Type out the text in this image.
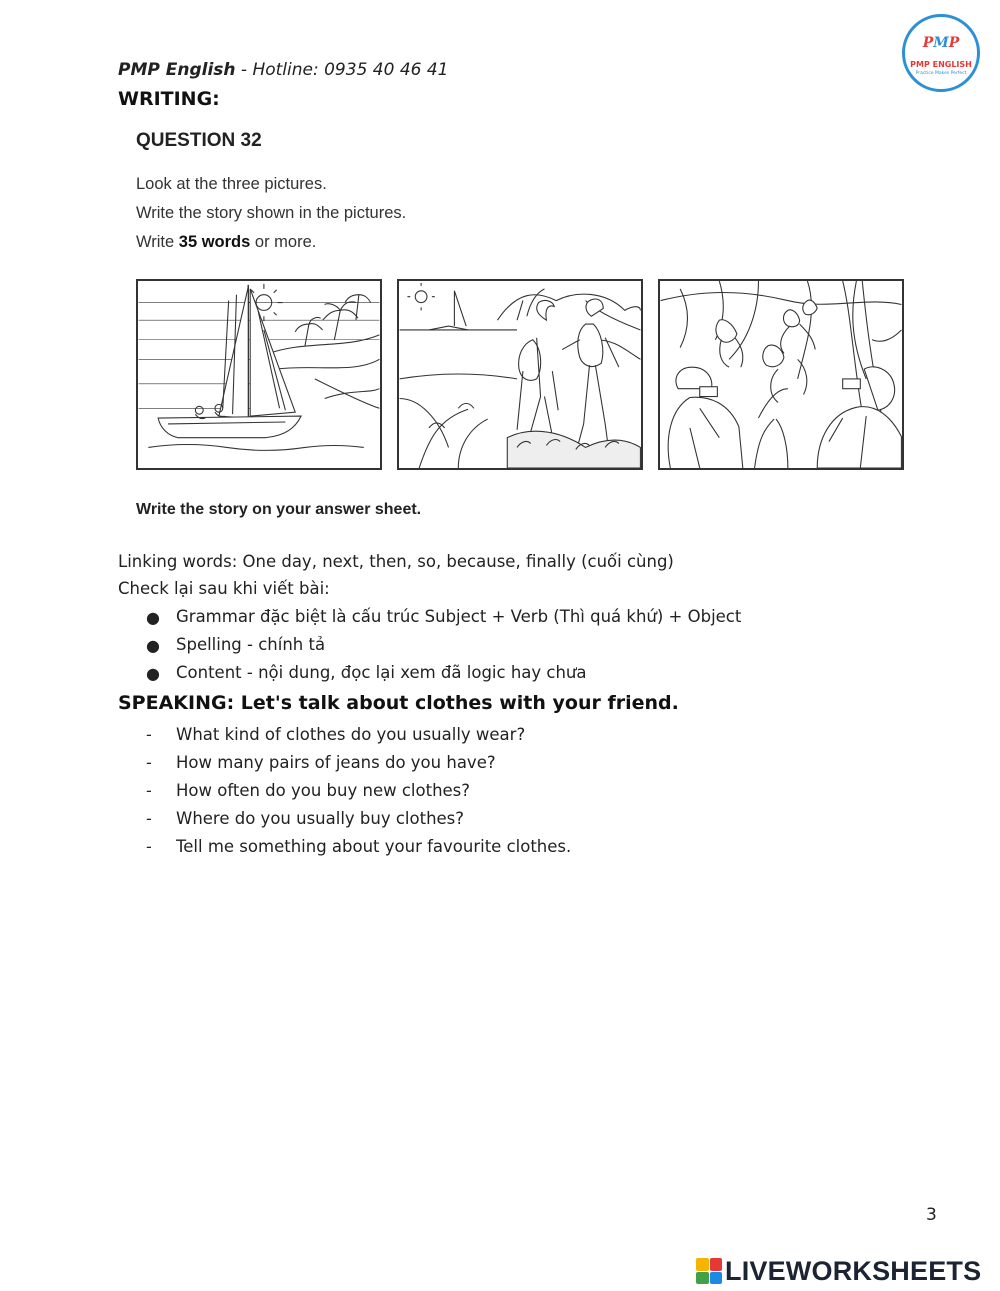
PMP English - Hotline: 0935 40 46 41
PMP
PMP ENGLISH
Practice Makes Perfect
WRITING:
QUESTION 32
Look at the three pictures.
Write the story shown in the pictures.
Write 35 words or more.
Write the story on your answer sheet.
Linking words: One day, next, then, so, because, finally (cuối cùng)
Check lại sau khi viết bài:
● Grammar đặc biệt là cấu trúc Subject + Verb (Thì quá khứ) + Object
● Spelling - chính tả
● Content - nội dung, đọc lại xem đã logic hay chưa
SPEAKING: Let's talk about clothes with your friend.
- What kind of clothes do you usually wear?
- How many pairs of jeans do you have?
- How often do you buy new clothes?
- Where do you usually buy clothes?
- Tell me something about your favourite clothes.
3
LIVEWORKSHEETS
